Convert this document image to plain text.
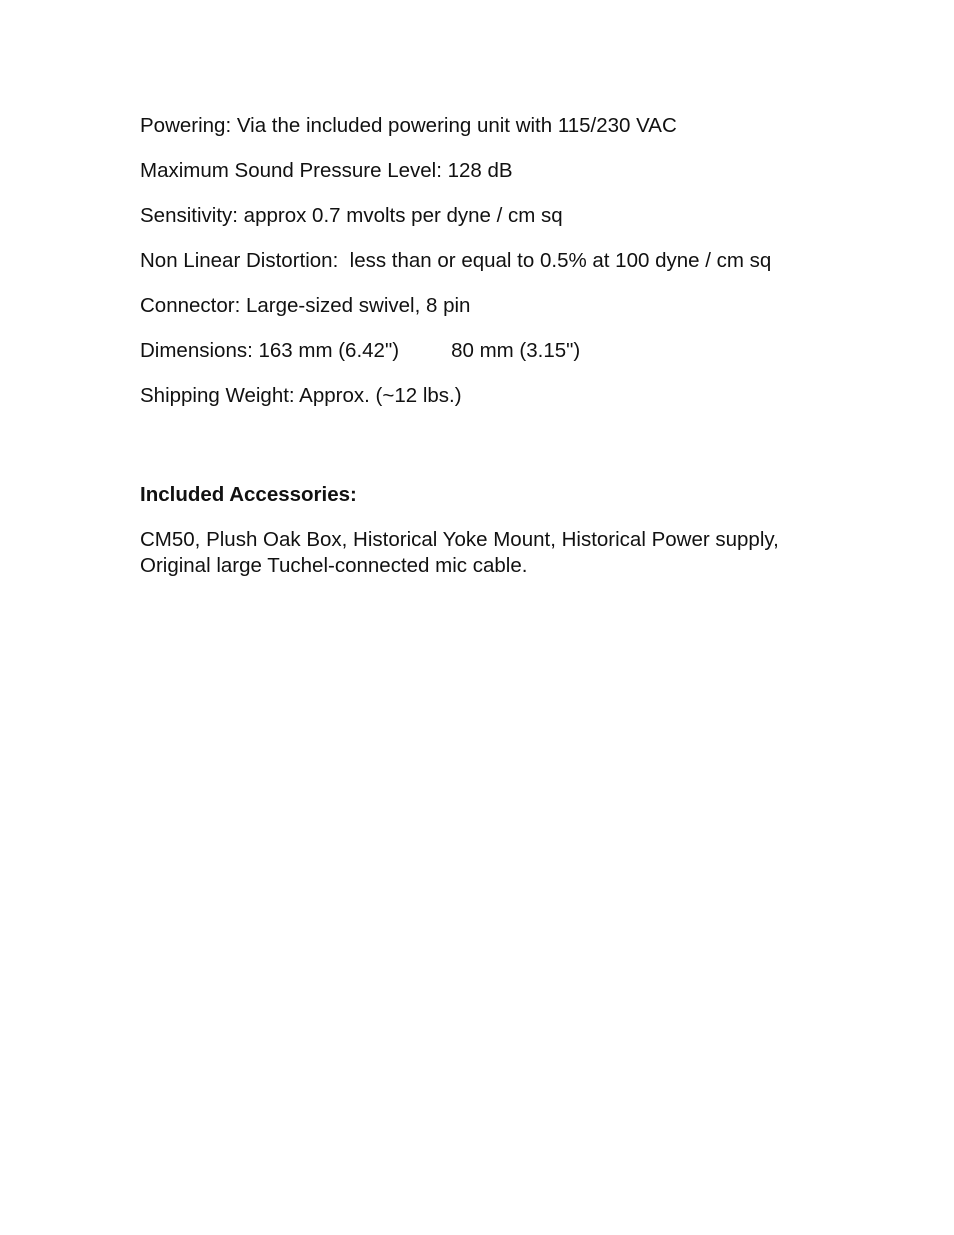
Powering: Via the included powering unit with 115/230 VAC

Maximum Sound Pressure Level: 128 dB

Sensitivity: approx 0.7 mvolts per dyne / cm sq

Non Linear Distortion:  less than or equal to 0.5% at 100 dyne / cm sq

Connector: Large-sized swivel, 8 pin

Dimensions: 163 mm (6.42")	80 mm (3.15")

Shipping Weight: Approx. (~12 lbs.)

Included Accessories:

CM50, Plush Oak Box, Historical Yoke Mount, Historical Power supply, Original large Tuchel-connected mic cable.
